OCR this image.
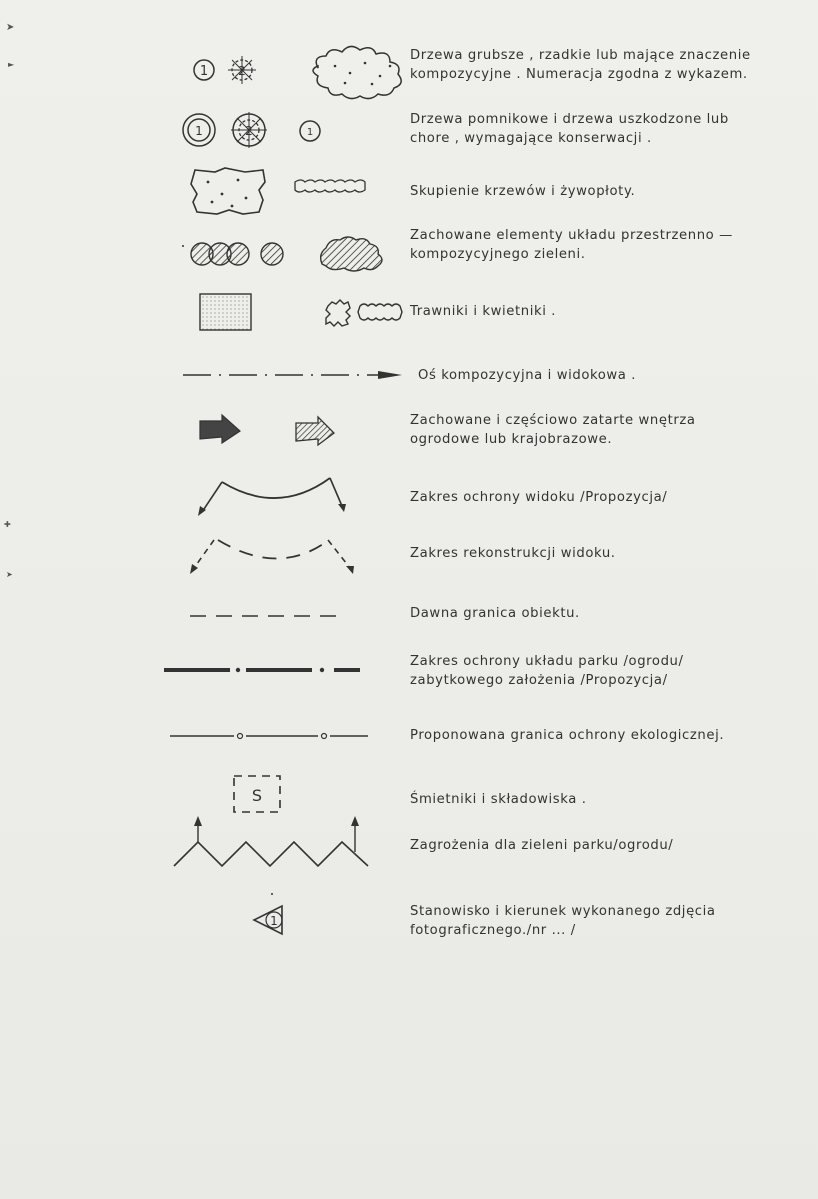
➤
►
✚
➤
1	2
Drzewa grubsze , rzadkie lub mające znaczenie
kompozycyjne . Numeracja zgodna z wykazem.
1	2	1
Drzewa pomnikowe i drzewa uszkodzone lub
chore , wymagające konserwacji .
Skupienie krzewów i żywopłoty.
Zachowane elementy układu przestrzenno —
kompozycyjnego zieleni.
Trawniki i kwietniki .
Oś kompozycyjna i widokowa .
Zachowane i częściowo zatarte wnętrza
ogrodowe lub krajobrazowe.
Zakres ochrony widoku /Propozycja/
Zakres rekonstrukcji widoku.
Dawna granica obiektu.
Zakres ochrony układu parku /ogrodu/
zabytkowego założenia /Propozycja/
Proponowana granica ochrony ekologicznej.
S	Śmietniki i składowiska .
Zagrożenia dla zieleni parku/ogrodu/
1
Stanowisko i kierunek wykonanego zdjęcia
fotograficznego./nr ... /
